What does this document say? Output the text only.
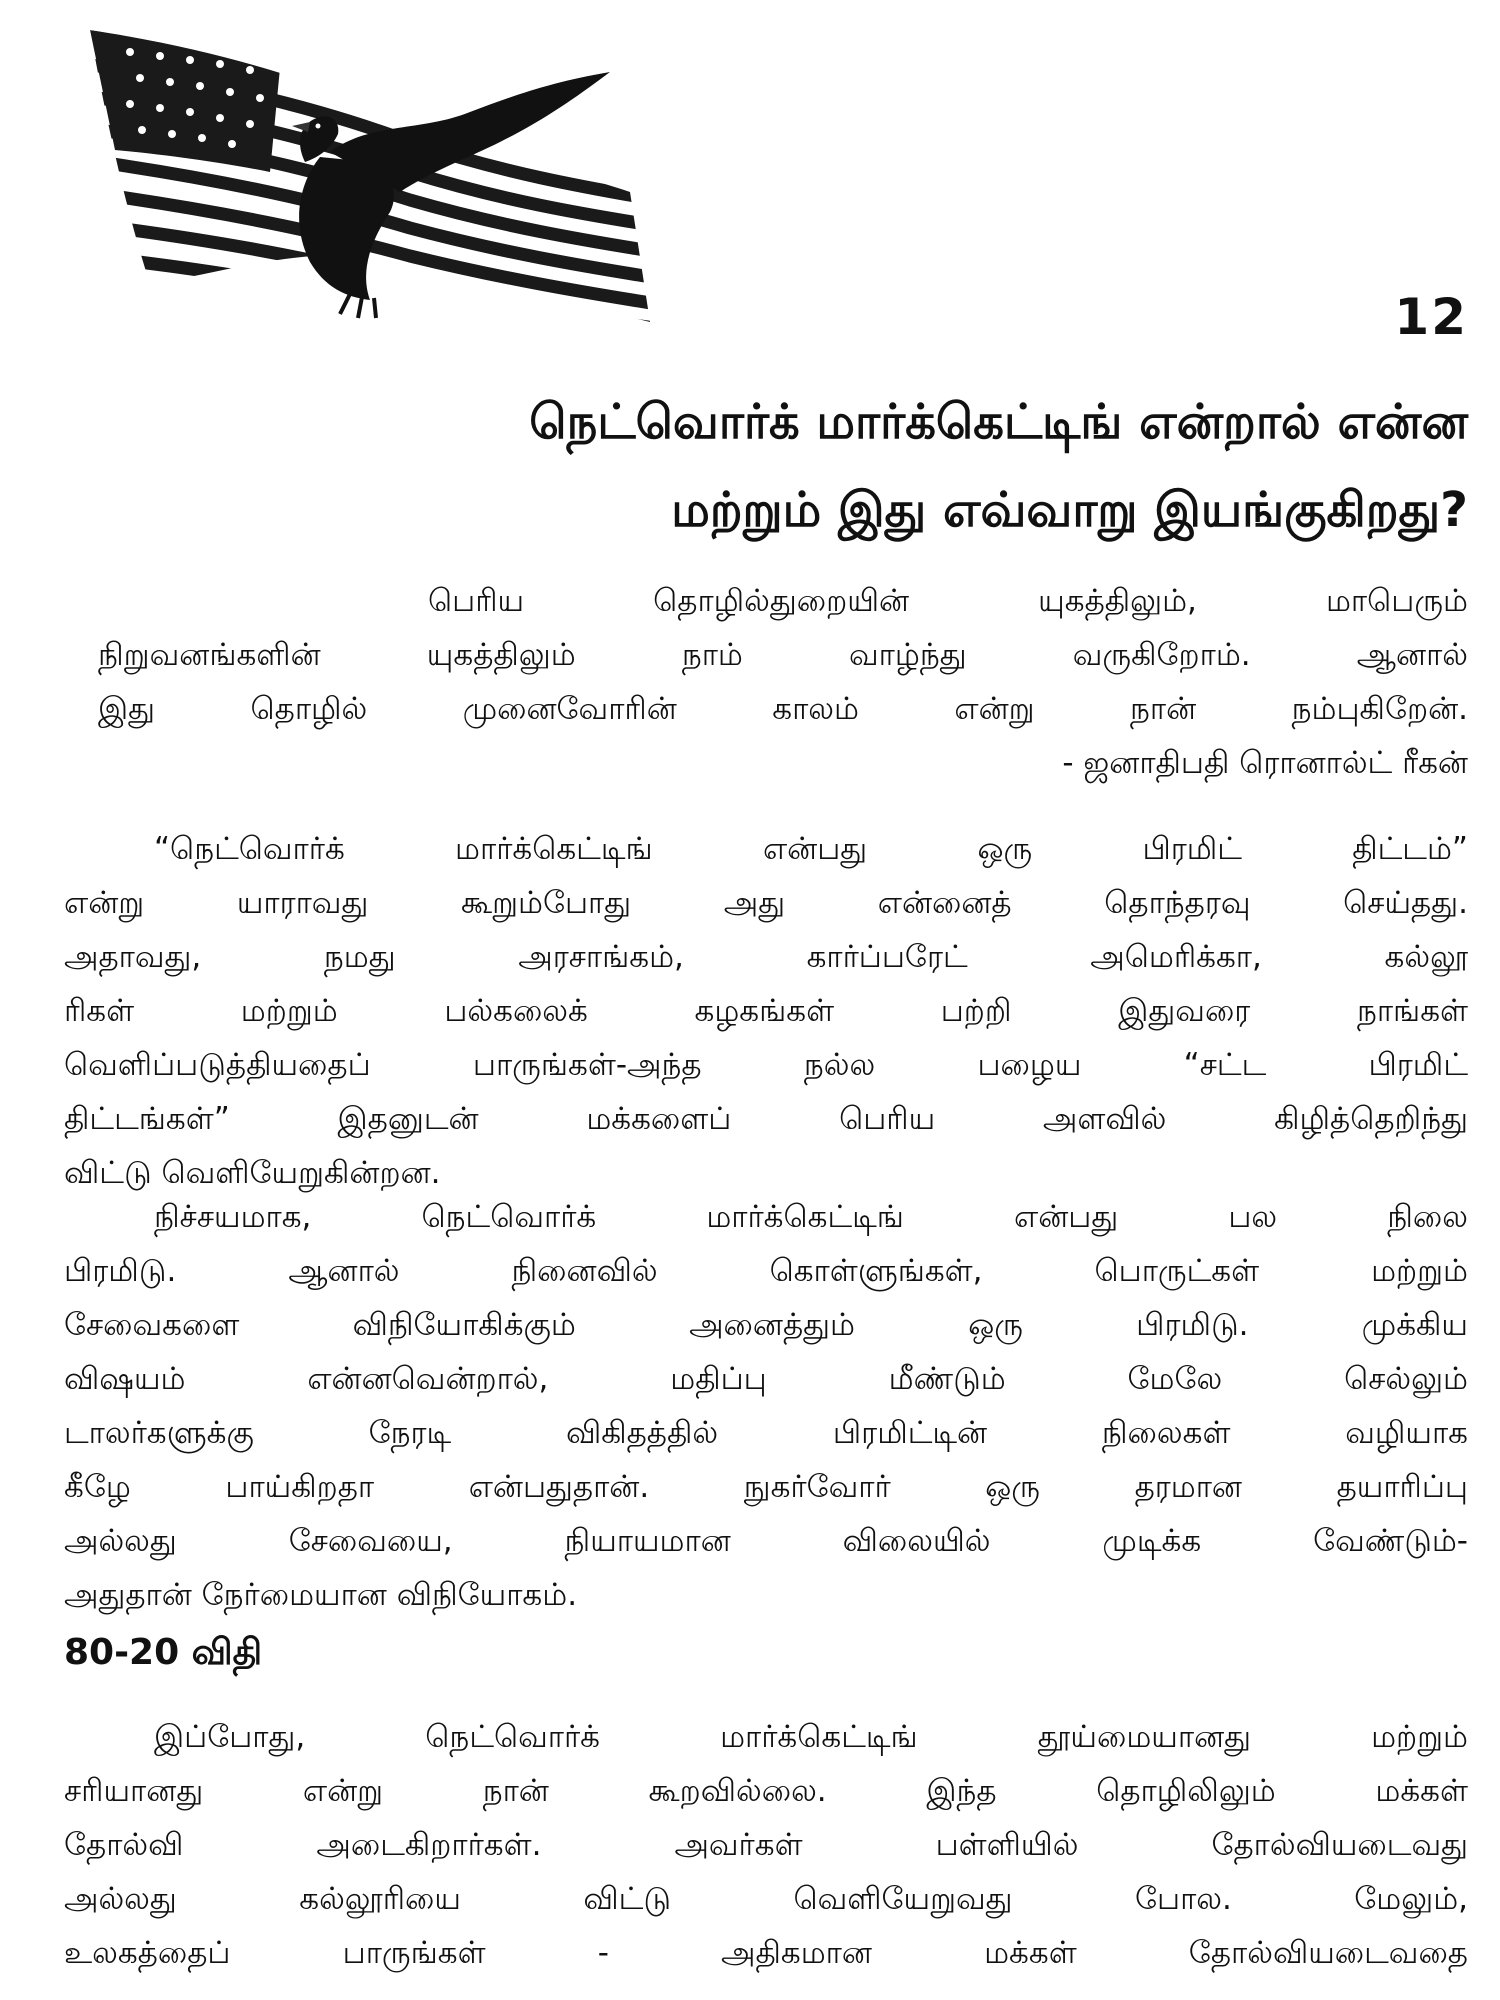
12
நெட்வொர்க் மார்க்கெட்டிங் என்றால் என்ன
மற்றும் இது எவ்வாறு இயங்குகிறது?
பெரிய தொழில்துறையின் யுகத்திலும், மாபெரும்
நிறுவனங்களின் யுகத்திலும் நாம் வாழ்ந்து வருகிறோம். ஆனால்
இது தொழில் முனைவோரின் காலம் என்று நான் நம்புகிறேன்.
- ஜனாதிபதி ரொனால்ட் ரீகன்
“நெட்வொர்க் மார்க்கெட்டிங் என்பது ஒரு பிரமிட் திட்டம்”
என்று யாராவது கூறும்போது அது என்னைத் தொந்தரவு செய்தது.
அதாவது, நமது அரசாங்கம், கார்ப்பரேட் அமெரிக்கா, கல்லூ
ரிகள் மற்றும் பல்கலைக் கழகங்கள் பற்றி இதுவரை நாங்கள்
வெளிப்படுத்தியதைப் பாருங்கள்-அந்த நல்ல பழைய “சட்ட பிரமிட்
திட்டங்கள்” இதனுடன் மக்களைப் பெரிய அளவில் கிழித்தெறிந்து
விட்டு வெளியேறுகின்றன.
நிச்சயமாக, நெட்வொர்க் மார்க்கெட்டிங் என்பது பல நிலை
பிரமிடு. ஆனால் நினைவில் கொள்ளுங்கள், பொருட்கள் மற்றும்
சேவைகளை விநியோகிக்கும் அனைத்தும் ஒரு பிரமிடு. முக்கிய
விஷயம் என்னவென்றால், மதிப்பு மீண்டும் மேலே செல்லும்
டாலர்களுக்கு நேரடி விகிதத்தில் பிரமிட்டின் நிலைகள் வழியாக
கீழே பாய்கிறதா என்பதுதான். நுகர்வோர் ஒரு தரமான தயாரிப்பு
அல்லது சேவையை, நியாயமான விலையில் முடிக்க வேண்டும்-
அதுதான் நேர்மையான விநியோகம்.
80-20 விதி
இப்போது, நெட்வொர்க் மார்க்கெட்டிங் தூய்மையானது மற்றும்
சரியானது என்று நான் கூறவில்லை. இந்த தொழிலிலும் மக்கள்
தோல்வி அடைகிறார்கள். அவர்கள் பள்ளியில் தோல்வியடைவது
அல்லது கல்லூரியை விட்டு வெளியேறுவது போல. மேலும்,
உலகத்தைப் பாருங்கள் - அதிகமான மக்கள் தோல்வியடைவதை
